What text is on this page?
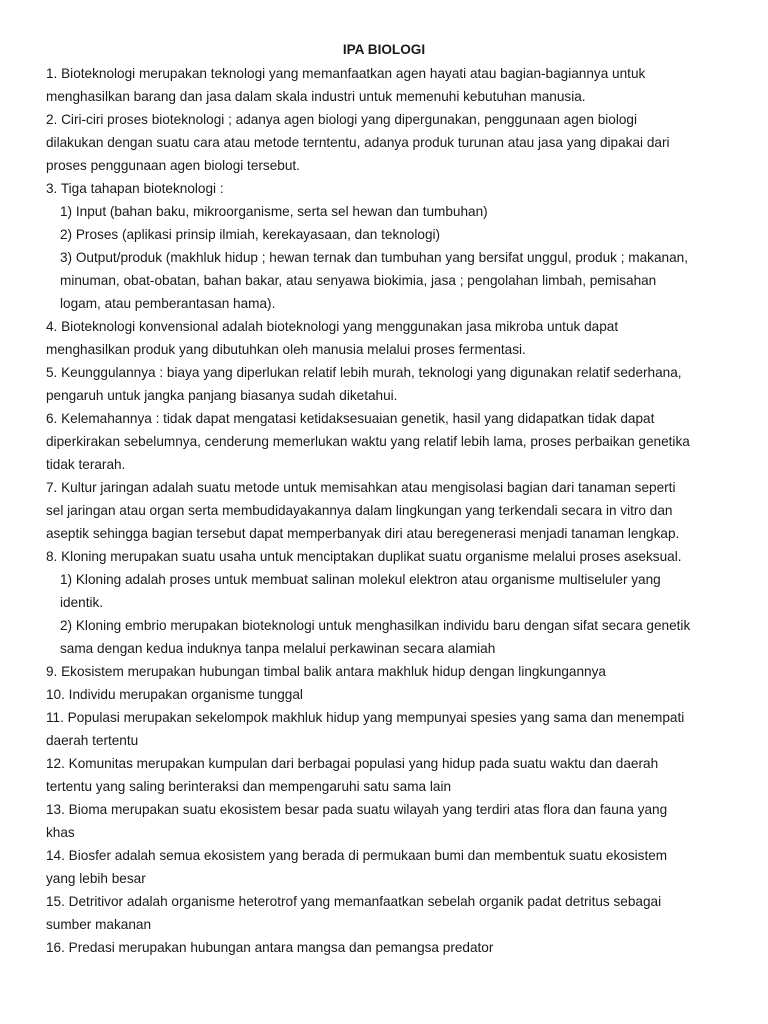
IPA BIOLOGI
1. Bioteknologi merupakan teknologi yang memanfaatkan agen hayati atau bagian-bagiannya untuk
menghasilkan barang dan jasa dalam skala industri untuk memenuhi kebutuhan manusia.
2. Ciri-ciri proses bioteknologi ; adanya agen biologi yang dipergunakan, penggunaan agen biologi
dilakukan dengan suatu cara atau metode terntentu, adanya produk turunan atau jasa yang dipakai dari
proses penggunaan agen biologi tersebut.
3. Tiga tahapan bioteknologi :
1) Input (bahan baku, mikroorganisme, serta sel hewan dan tumbuhan)
2) Proses (aplikasi prinsip ilmiah, kerekayasaan, dan teknologi)
3) Output/produk (makhluk hidup ; hewan ternak dan tumbuhan yang bersifat unggul, produk ; makanan,
minuman, obat-obatan, bahan bakar, atau senyawa biokimia, jasa ; pengolahan limbah, pemisahan
logam, atau pemberantasan hama).
4. Bioteknologi konvensional adalah bioteknologi yang menggunakan jasa mikroba untuk dapat
menghasilkan produk yang dibutuhkan oleh manusia melalui proses fermentasi.
5. Keunggulannya : biaya yang diperlukan relatif lebih murah, teknologi yang digunakan relatif sederhana,
pengaruh untuk jangka panjang biasanya sudah diketahui.
6. Kelemahannya : tidak dapat mengatasi ketidaksesuaian genetik, hasil yang didapatkan tidak dapat
diperkirakan sebelumnya, cenderung memerlukan waktu yang relatif lebih lama, proses perbaikan genetika
tidak terarah.
7. Kultur jaringan adalah suatu metode untuk memisahkan atau mengisolasi bagian dari tanaman seperti
sel jaringan atau organ serta membudidayakannya dalam lingkungan yang terkendali secara in vitro dan
aseptik sehingga bagian tersebut dapat memperbanyak diri atau beregenerasi menjadi tanaman lengkap.
8. Kloning merupakan suatu usaha untuk menciptakan duplikat suatu organisme melalui proses aseksual.
1) Kloning adalah proses untuk membuat salinan molekul elektron atau organisme multiseluler yang
identik.
2) Kloning embrio merupakan bioteknologi untuk menghasilkan individu baru dengan sifat secara genetik
sama dengan kedua induknya tanpa melalui perkawinan secara alamiah
9. Ekosistem merupakan hubungan timbal balik antara makhluk hidup dengan lingkungannya
10. Individu merupakan organisme tunggal
11. Populasi merupakan sekelompok makhluk hidup yang mempunyai spesies yang sama dan menempati
daerah tertentu
12. Komunitas merupakan kumpulan dari berbagai populasi yang hidup pada suatu waktu dan daerah
tertentu yang saling berinteraksi dan mempengaruhi satu sama lain
13. Bioma merupakan suatu ekosistem besar pada suatu wilayah yang terdiri atas flora dan fauna yang
khas
14. Biosfer adalah semua ekosistem yang berada di permukaan bumi dan membentuk suatu ekosistem
yang lebih besar
15. Detritivor adalah organisme heterotrof yang memanfaatkan sebelah organik padat detritus sebagai
sumber makanan
16. Predasi merupakan hubungan antara mangsa dan pemangsa predator
